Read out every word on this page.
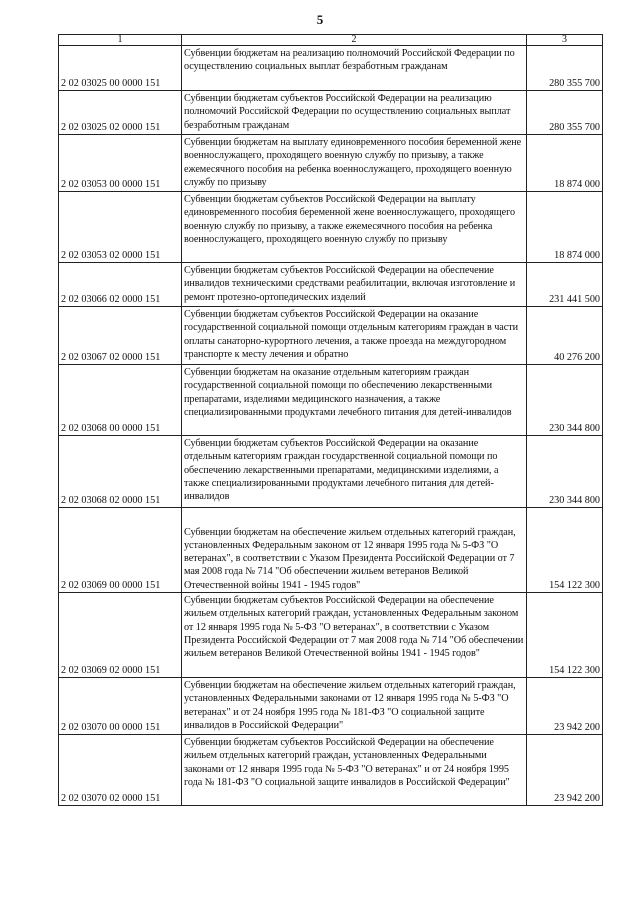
5
1	2	3
2 02 03025 00 0000 151	Субвенции бюджетам на реализацию полномочий Российской Федерации по осуществлению социальных выплат безработным гражданам	280 355 700
2 02 03025 02 0000 151	Субвенции бюджетам субъектов Российской Федерации на реализацию полномочий Российской Федерации по осуществлению социальных выплат безработным гражданам	280 355 700
2 02 03053 00 0000 151	Субвенции бюджетам на выплату единовременного пособия беременной жене военнослужащего, проходящего военную службу по призыву, а также ежемесячного пособия на ребенка военнослужащего, проходящего военную службу по призыву	18 874 000
2 02 03053 02 0000 151	Субвенции бюджетам субъектов Российской Федерации на выплату единовременного пособия беременной жене военнослужащего, проходящего военную службу по призыву, а также ежемесячного пособия на ребенка военнослужащего, проходящего военную службу по призыву	18 874 000
2 02 03066 02 0000 151	Субвенции бюджетам субъектов Российской Федерации на обеспечение инвалидов техническими средствами реабилитации, включая изготовление и ремонт протезно-ортопедических изделий	231 441 500
2 02 03067 02 0000 151	Субвенции бюджетам субъектов Российской Федерации на оказание государственной социальной помощи отдельным категориям граждан в части оплаты санаторно-курортного лечения, а также проезда на междугородном транспорте к месту лечения и обратно	40 276 200
2 02 03068 00 0000 151	Субвенции бюджетам на оказание отдельным категориям граждан государственной социальной помощи по обеспечению лекарственными препаратами, изделиями медицинского назначения, а также специализированными продуктами лечебного питания для детей-инвалидов	230 344 800
2 02 03068 02 0000 151	Субвенции бюджетам субъектов Российской Федерации на оказание отдельным категориям граждан государственной социальной помощи по обеспечению лекарственными препаратами, медицинскими изделиями, а также специализированными продуктами лечебного питания для детей-инвалидов	230 344 800
2 02 03069 00 0000 151	Субвенции бюджетам на обеспечение жильем отдельных категорий граждан, установленных Федеральным законом от 12 января 1995 года № 5-ФЗ "О ветеранах", в соответствии с Указом Президента Российской Федерации от 7 мая 2008 года № 714 "Об обеспечении жильем ветеранов Великой Отечественной войны 1941 - 1945 годов"	154 122 300
2 02 03069 02 0000 151	Субвенции бюджетам субъектов Российской Федерации на обеспечение жильем отдельных категорий граждан, установленных Федеральным законом от 12 января 1995 года № 5-ФЗ "О ветеранах", в соответствии с Указом Президента Российской Федерации от 7 мая 2008 года № 714 "Об обеспечении жильем ветеранов Великой Отечественной войны 1941 - 1945 годов"	154 122 300
2 02 03070 00 0000 151	Субвенции бюджетам на обеспечение жильем отдельных категорий граждан, установленных Федеральными законами от 12 января 1995 года № 5-ФЗ "О ветеранах" и от 24 ноября 1995 года № 181-ФЗ "О социальной защите инвалидов в Российской Федерации"	23 942 200
2 02 03070 02 0000 151	Субвенции бюджетам субъектов Российской Федерации на обеспечение жильем отдельных категорий граждан, установленных Федеральными законами от 12 января 1995 года № 5-ФЗ "О ветеранах" и от 24 ноября 1995 года № 181-ФЗ "О социальной защите инвалидов в Российской Федерации"	23 942 200
